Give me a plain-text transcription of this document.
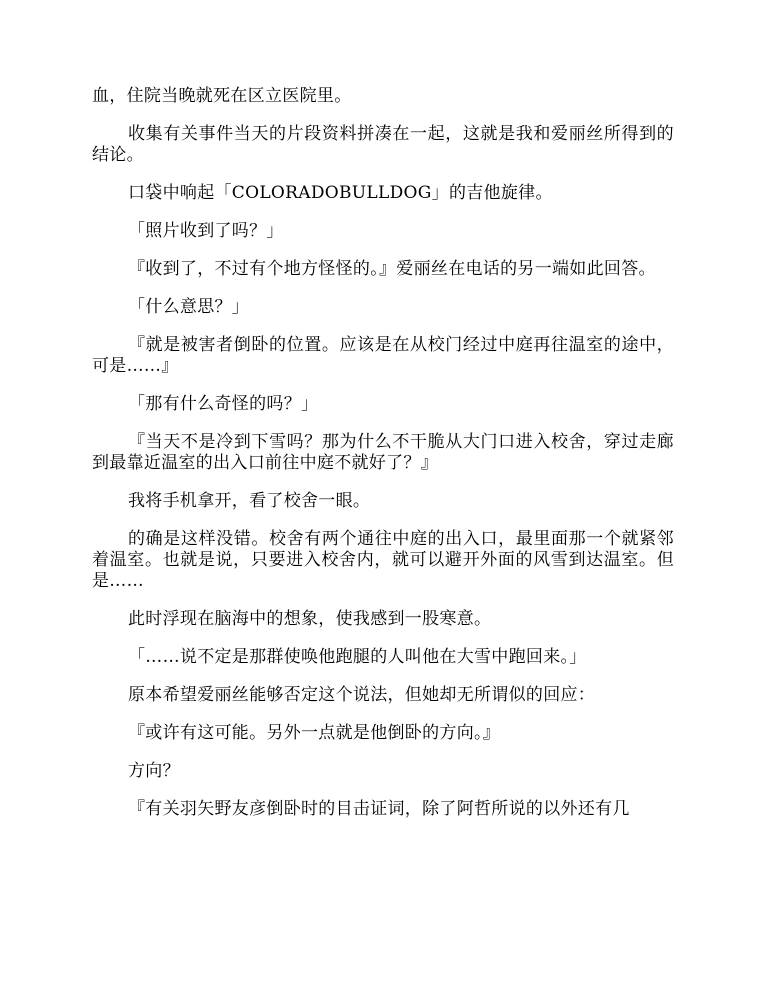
血，住院当晚就死在区立医院里。

收集有关事件当天的片段资料拼凑在一起，这就是我和爱丽丝所得到的结论。

口袋中响起「COLORADOBULLDOG」的吉他旋律。

「照片收到了吗？」

『收到了，不过有个地方怪怪的。』爱丽丝在电话的另一端如此回答。

「什么意思？」

『就是被害者倒卧的位置。应该是在从校门经过中庭再往温室的途中，可是……』

「那有什么奇怪的吗？」

『当天不是冷到下雪吗？那为什么不干脆从大门口进入校舍，穿过走廊到最靠近温室的出入口前往中庭不就好了？』

我将手机拿开，看了校舍一眼。

的确是这样没错。校舍有两个通往中庭的出入口，最里面那一个就紧邻着温室。也就是说，只要进入校舍内，就可以避开外面的风雪到达温室。但是……

此时浮现在脑海中的想象，使我感到一股寒意。

「……说不定是那群使唤他跑腿的人叫他在大雪中跑回来。」

原本希望爱丽丝能够否定这个说法，但她却无所谓似的回应：

『或许有这可能。另外一点就是他倒卧的方向。』

方向？

『有关羽矢野友彦倒卧时的目击证词，除了阿哲所说的以外还有几
